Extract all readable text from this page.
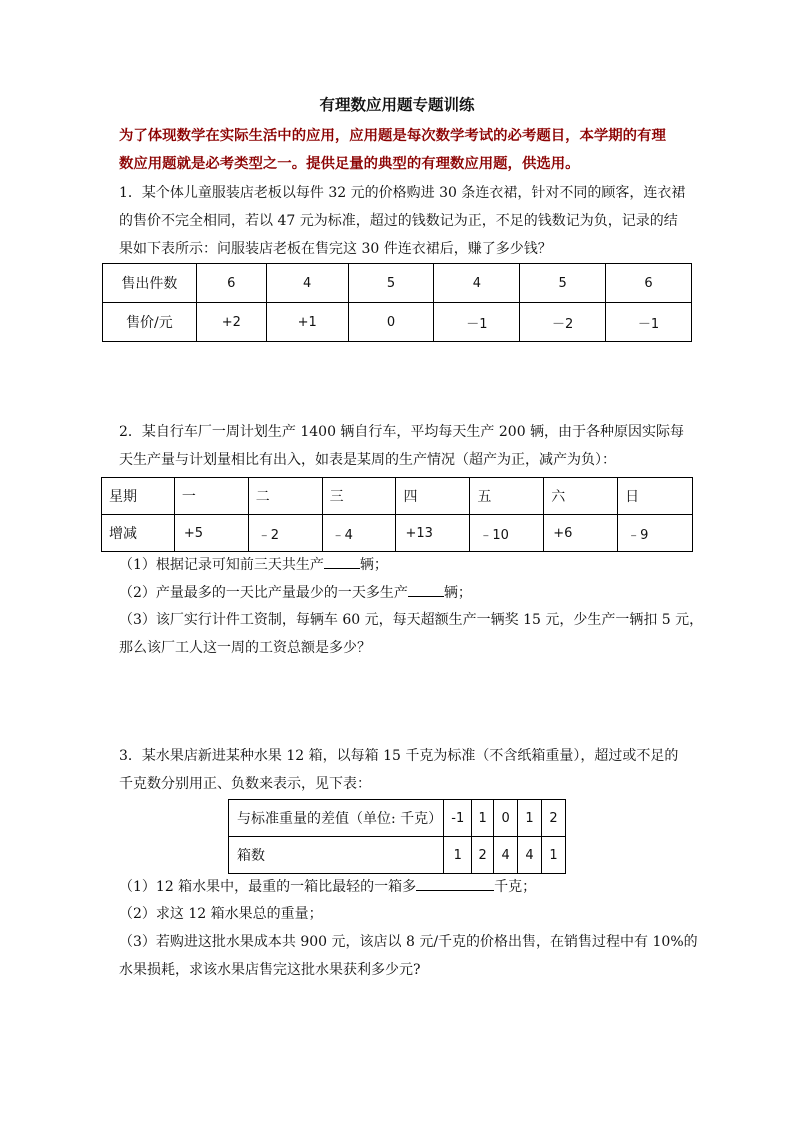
有理数应用题专题训练
为了体现数学在实际生活中的应用，应用题是每次数学考试的必考题目，本学期的有理数应用题就是必考类型之一。提供足量的典型的有理数应用题，供选用。
1．某个体儿童服装店老板以每件 32 元的价格购进 30 条连衣裙，针对不同的顾客，连衣裙的售价不完全相同，若以 47 元为标准，超过的钱数记为正，不足的钱数记为负，记录的结果如下表所示：问服装店老板在售完这 30 件连衣裙后，赚了多少钱？
售出件数	6	4	5	4	5	6
售价/元	+2	+1	0	－1	－2	－1
2．某自行车厂一周计划生产 1400 辆自行车，平均每天生产 200 辆，由于各种原因实际每天生产量与计划量相比有出入，如表是某周的生产情况（超产为正，减产为负）：
星期	一	二	三	四	五	六	日
增减	+5	﹣2	﹣4	+13	﹣10	+6	﹣9
（1）根据记录可知前三天共生产	辆；
（2）产量最多的一天比产量最少的一天多生产	辆；
（3）该厂实行计件工资制，每辆车 60 元，每天超额生产一辆奖 15 元，少生产一辆扣 5 元，
那么该厂工人这一周的工资总额是多少？
3．某水果店新进某种水果 12 箱，以每箱 15 千克为标准（不含纸箱重量），超过或不足的千克数分别用正、负数来表示，见下表：
与标准重量的差值（单位: 千克）	-1	1	0	1	2
箱数	1	2	4	4	1
（1）12 箱水果中，最重的一箱比最轻的一箱多	千克；
（2）求这 12 箱水果总的重量；
（3）若购进这批水果成本共 900 元，该店以 8 元/千克的价格出售，在销售过程中有 10%的
水果损耗，求该水果店售完这批水果获利多少元?
